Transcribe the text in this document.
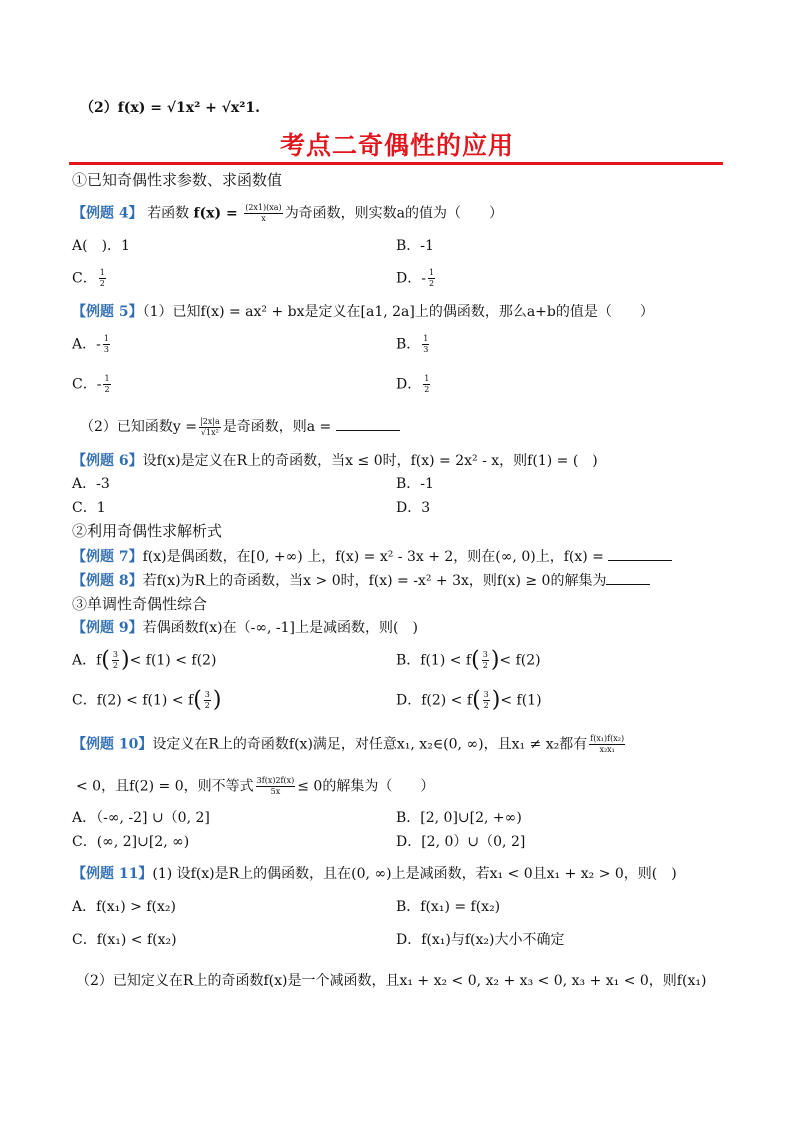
（2）f(x) = √1x² + √x²1.
考点二奇偶性的应用
①已知奇偶性求参数、求函数值
【例题 4】 若函数 $f(x) = \frac{(2x1)(xa)}{x}$ 为奇函数，则实数a的值为（　　）
A(　)．1	B．-1
C． $\frac{1}{2}$	D．- $\frac{1}{2}$
【例题 5】（1）已知f(x) = ax² + bx是定义在[a1, 2a]上的偶函数，那么a+b的值是（　　）
A．- $\frac{1}{3}$	B． $\frac{1}{3}$
C．- $\frac{1}{2}$	D． $\frac{1}{2}$
（2）已知函数$y = \frac{|2x|a}{\text{√1x²}}$ 是奇函数，则a =
【例题 6】设f(x)是定义在R上的奇函数，当x ≤ 0时，f(x) = 2x² - x，则f(1) = (　)
A．-3	B．-1
C．1	D．3
②利用奇偶性求解析式
【例题 7】f(x)是偶函数，在[0, +∞) 上，f(x) = x² - 3x + 2，则在(∞, 0)上，f(x) =
【例题 8】若f(x)为R上的奇函数，当x > 0时，f(x) = -x² + 3x，则f(x) ≥ 0的解集为
③单调性奇偶性综合
【例题 9】若偶函数f(x)在（-∞, -1]上是减函数，则(　)
A．$f( \frac{3}{2}$ )< f(1) < f(2)	B．$f(1) < f( \frac{3}{2}$ )< f(2)
C．$f(2) < f(1) < f( \frac{3}{2}$ )	D．$f(2) < f( \frac{3}{2}$ )< f(1)
【例题 10】设定义在R上的奇函数f(x)满足，对任意x₁, x₂∈(0, ∞)，且x₁ ≠ x₂都有 $\frac{\text{f(x₁)f(x₂)}}{\text{x₂x₁}}$
< 0，且f(2) = 0，则不等式 $\frac{3f(x)2f(x)}{5x} \le 0$的解集为（　　）
A．（-∞, -2] ∪（0, 2]	B．[2, 0]∪[2, +∞)
C．(∞, 2]∪[2, ∞)	D．[2, 0）∪（0, 2]
【例题 11】(1) 设f(x)是R上的偶函数，且在(0, ∞)上是减函数，若x₁ < 0且x₁ + x₂ > 0，则(　)
A．f(x₁) > f(x₂)	B．f(x₁) = f(x₂)
C．f(x₁) < f(x₂)	D．f(x₁)与f(x₂)大小不确定
（2）已知定义在R上的奇函数f(x)是一个减函数，且x₁ + x₂ < 0, x₂ + x₃ < 0, x₃ + x₁ < 0，则f(x₁)
